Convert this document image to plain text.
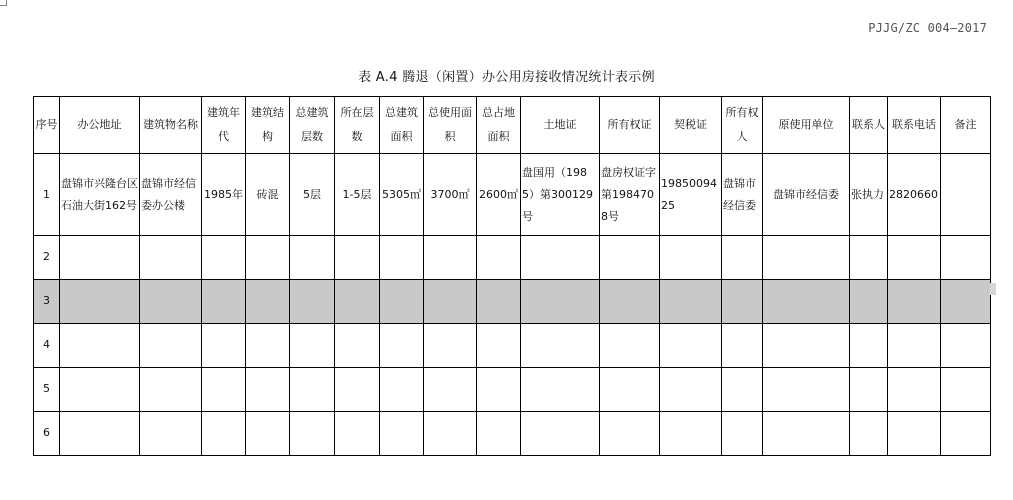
PJJG/ZC 004—2017
表 A.4 腾退（闲置）办公用房接收情况统计表示例
序号	办公地址	建筑物名称	建筑年代	建筑结构	总建筑层数	所在层数	总建筑面积	总使用面积	总占地面积	土地证	所有权证	契税证	所有权人	原使用单位	联系人	联系电话	备注
1	盘锦市兴隆台区石油大街162号	盘锦市经信委办公楼	1985年	砖混	5层	1-5层	5305㎡	3700㎡	2600㎡	盘国用（1985）第300129号	盘房权证字第1984708号	1985009425	盘锦市经信委	盘锦市经信委	张执力	2820660	
2																	
3																	
4																	
5																	
6																	
